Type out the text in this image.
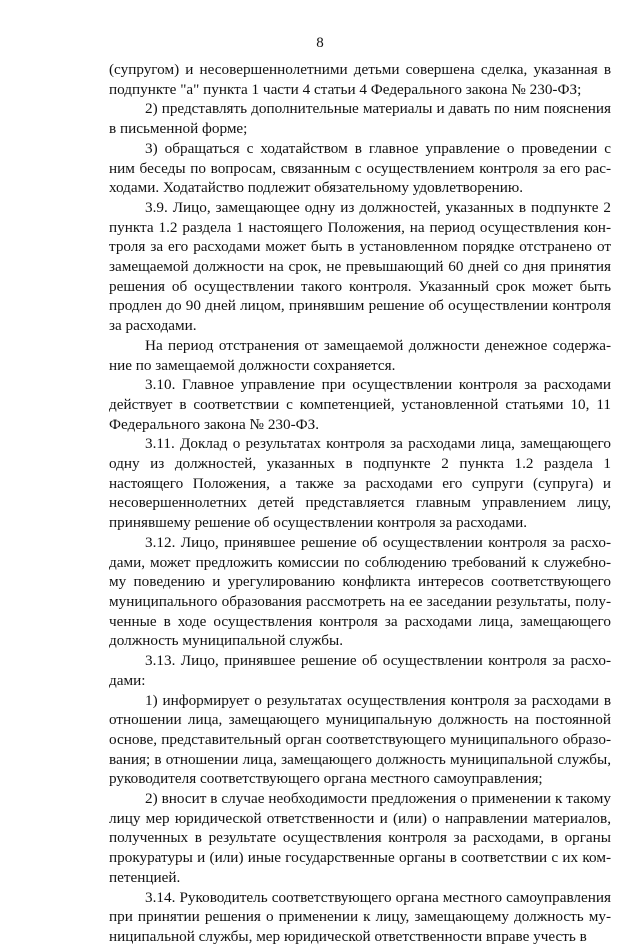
8

(супругом) и несовершеннолетними детьми совершена сделка, указанная в подпункте "а" пункта 1 части 4 статьи 4 Федерального закона № 230-ФЗ;

2) представлять дополнительные материалы и давать по ним пояснения в письменной форме;

3) обращаться с ходатайством в главное управление о проведении с ним беседы по вопросам, связанным с осуществлением контроля за его расходами. Ходатайство подлежит обязательному удовлетворению.

3.9. Лицо, замещающее одну из должностей, указанных в подпункте 2 пункта 1.2 раздела 1 настоящего Положения, на период осуществления контроля за его расходами может быть в установленном порядке отстранено от замещаемой должности на срок, не превышающий 60 дней со дня принятия решения об осуществлении такого контроля. Указанный срок может быть продлен до 90 дней лицом, принявшим решение об осуществлении контроля за расходами.

На период отстранения от замещаемой должности денежное содержание по замещаемой должности сохраняется.

3.10. Главное управление при осуществлении контроля за расходами действует в соответствии с компетенцией, установленной статьями 10, 11 Федерального закона № 230-ФЗ.

3.11. Доклад о результатах контроля за расходами лица, замещающего одну из должностей, указанных в подпункте 2 пункта 1.2 раздела 1 настоящего Положения, а также за расходами его супруги (супруга) и несовершеннолетних детей представляется главным управлением лицу, принявшему решение об осуществлении контроля за расходами.

3.12. Лицо, принявшее решение об осуществлении контроля за расходами, может предложить комиссии по соблюдению требований к служебному поведению и урегулированию конфликта интересов соответствующего муниципального образования рассмотреть на ее заседании результаты, полученные в ходе осуществления контроля за расходами лица, замещающего должность муниципальной службы.

3.13. Лицо, принявшее решение об осуществлении контроля за расходами:

1) информирует о результатах осуществления контроля за расходами в отношении лица, замещающего муниципальную должность на постоянной основе, представительный орган соответствующего муниципального образования; в отношении лица, замещающего должность муниципальной службы, руководителя соответствующего органа местного самоуправления;

2) вносит в случае необходимости предложения о применении к такому лицу мер юридической ответственности и (или) о направлении материалов, полученных в результате осуществления контроля за расходами, в органы прокуратуры и (или) иные государственные органы в соответствии с их компетенцией.

3.14. Руководитель соответствующего органа местного самоуправления при принятии решения о применении к лицу, замещающему должность муниципальной службы, мер юридической ответственности вправе учесть в
